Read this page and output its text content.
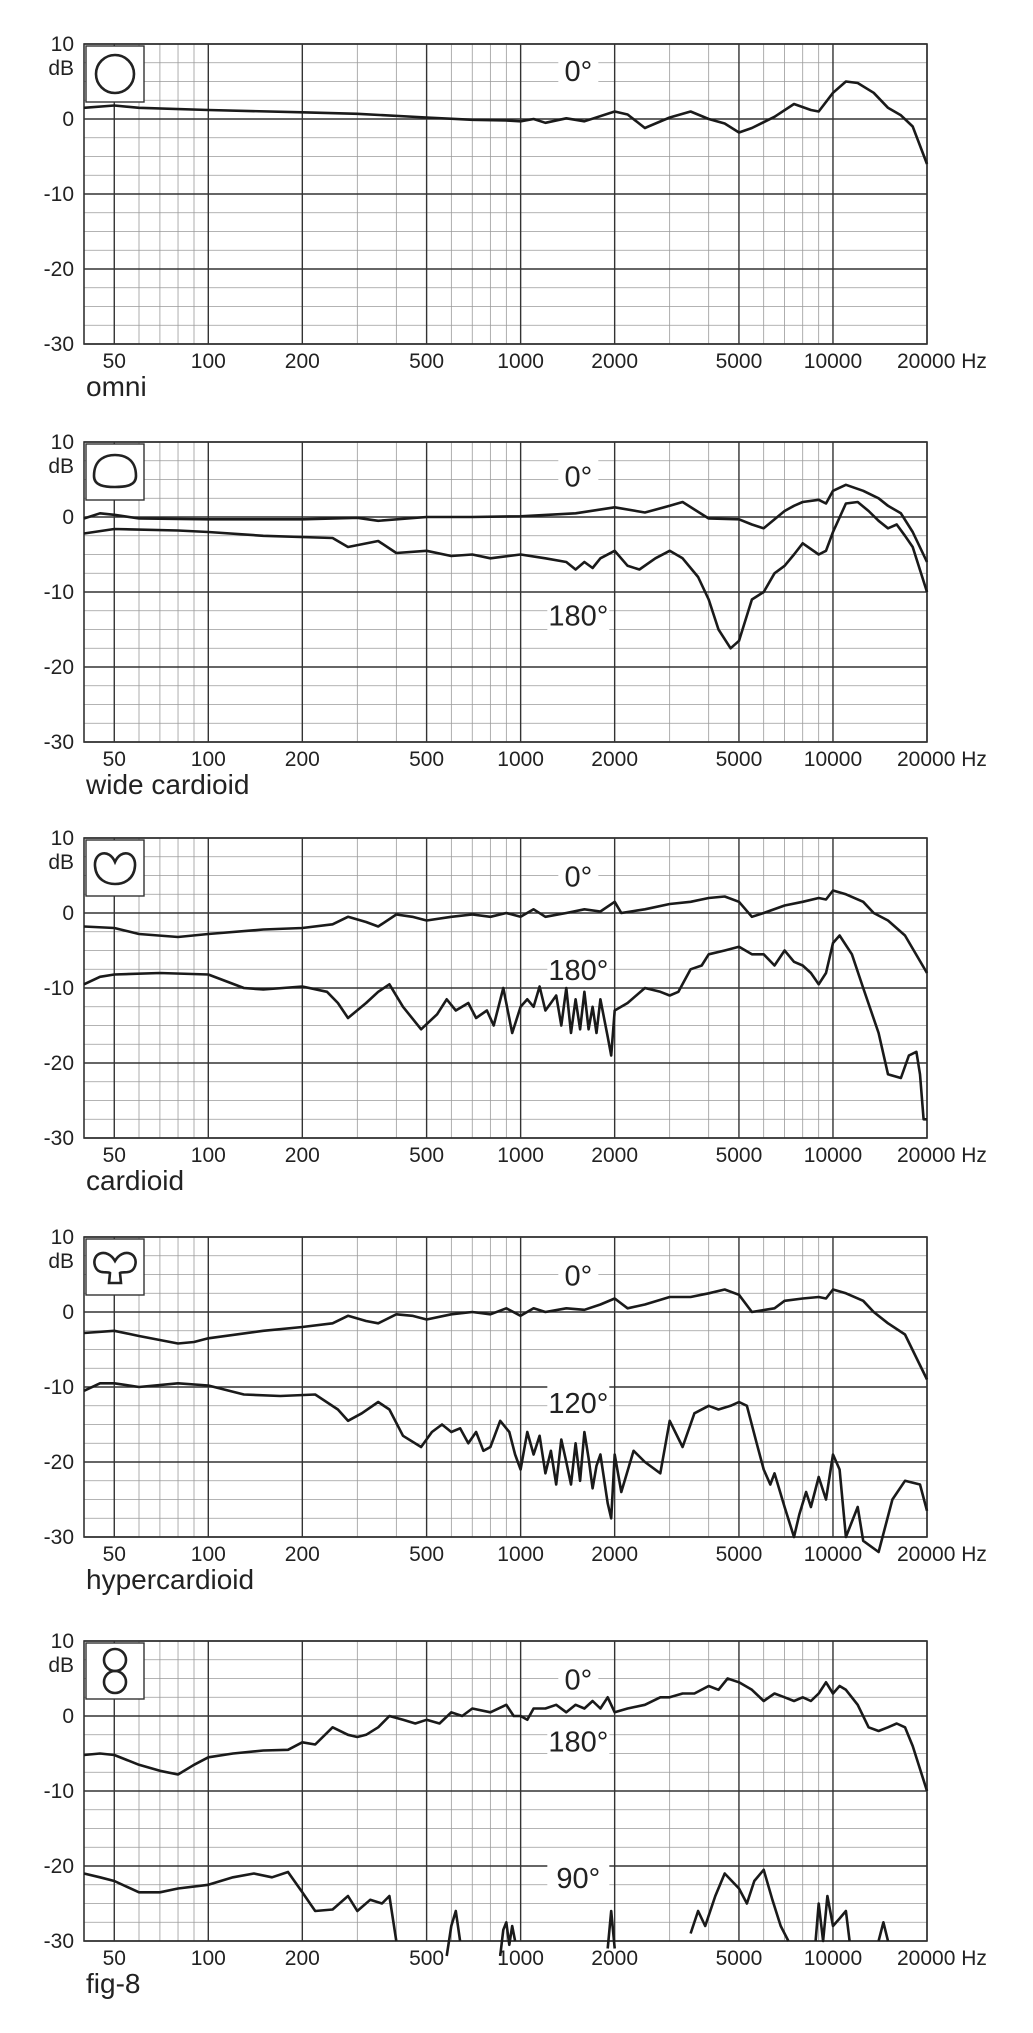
10
0
-10
-20
-30
dB
50	100	200	500	1000 2000	5000 10000 20000 Hz
omni
0°
10
0
-10
-20
-30
dB
50	100	200	500	1000 2000	5000 10000 20000 Hz
wide cardioid
0°
180°
10
0
-10
-20
-30
dB
50	100	200	500	1000 2000	5000 10000 20000 Hz
cardioid
0°
180°
10
0
-10
-20
-30
dB
50	100	200	500	1000 2000	5000 10000 20000 Hz
hypercardioid
0°
120°
10
0
-10
-20
-30
dB
50	100	200	500	1000 2000	5000 10000 20000 Hz
fig-8
0°
180°
90°
